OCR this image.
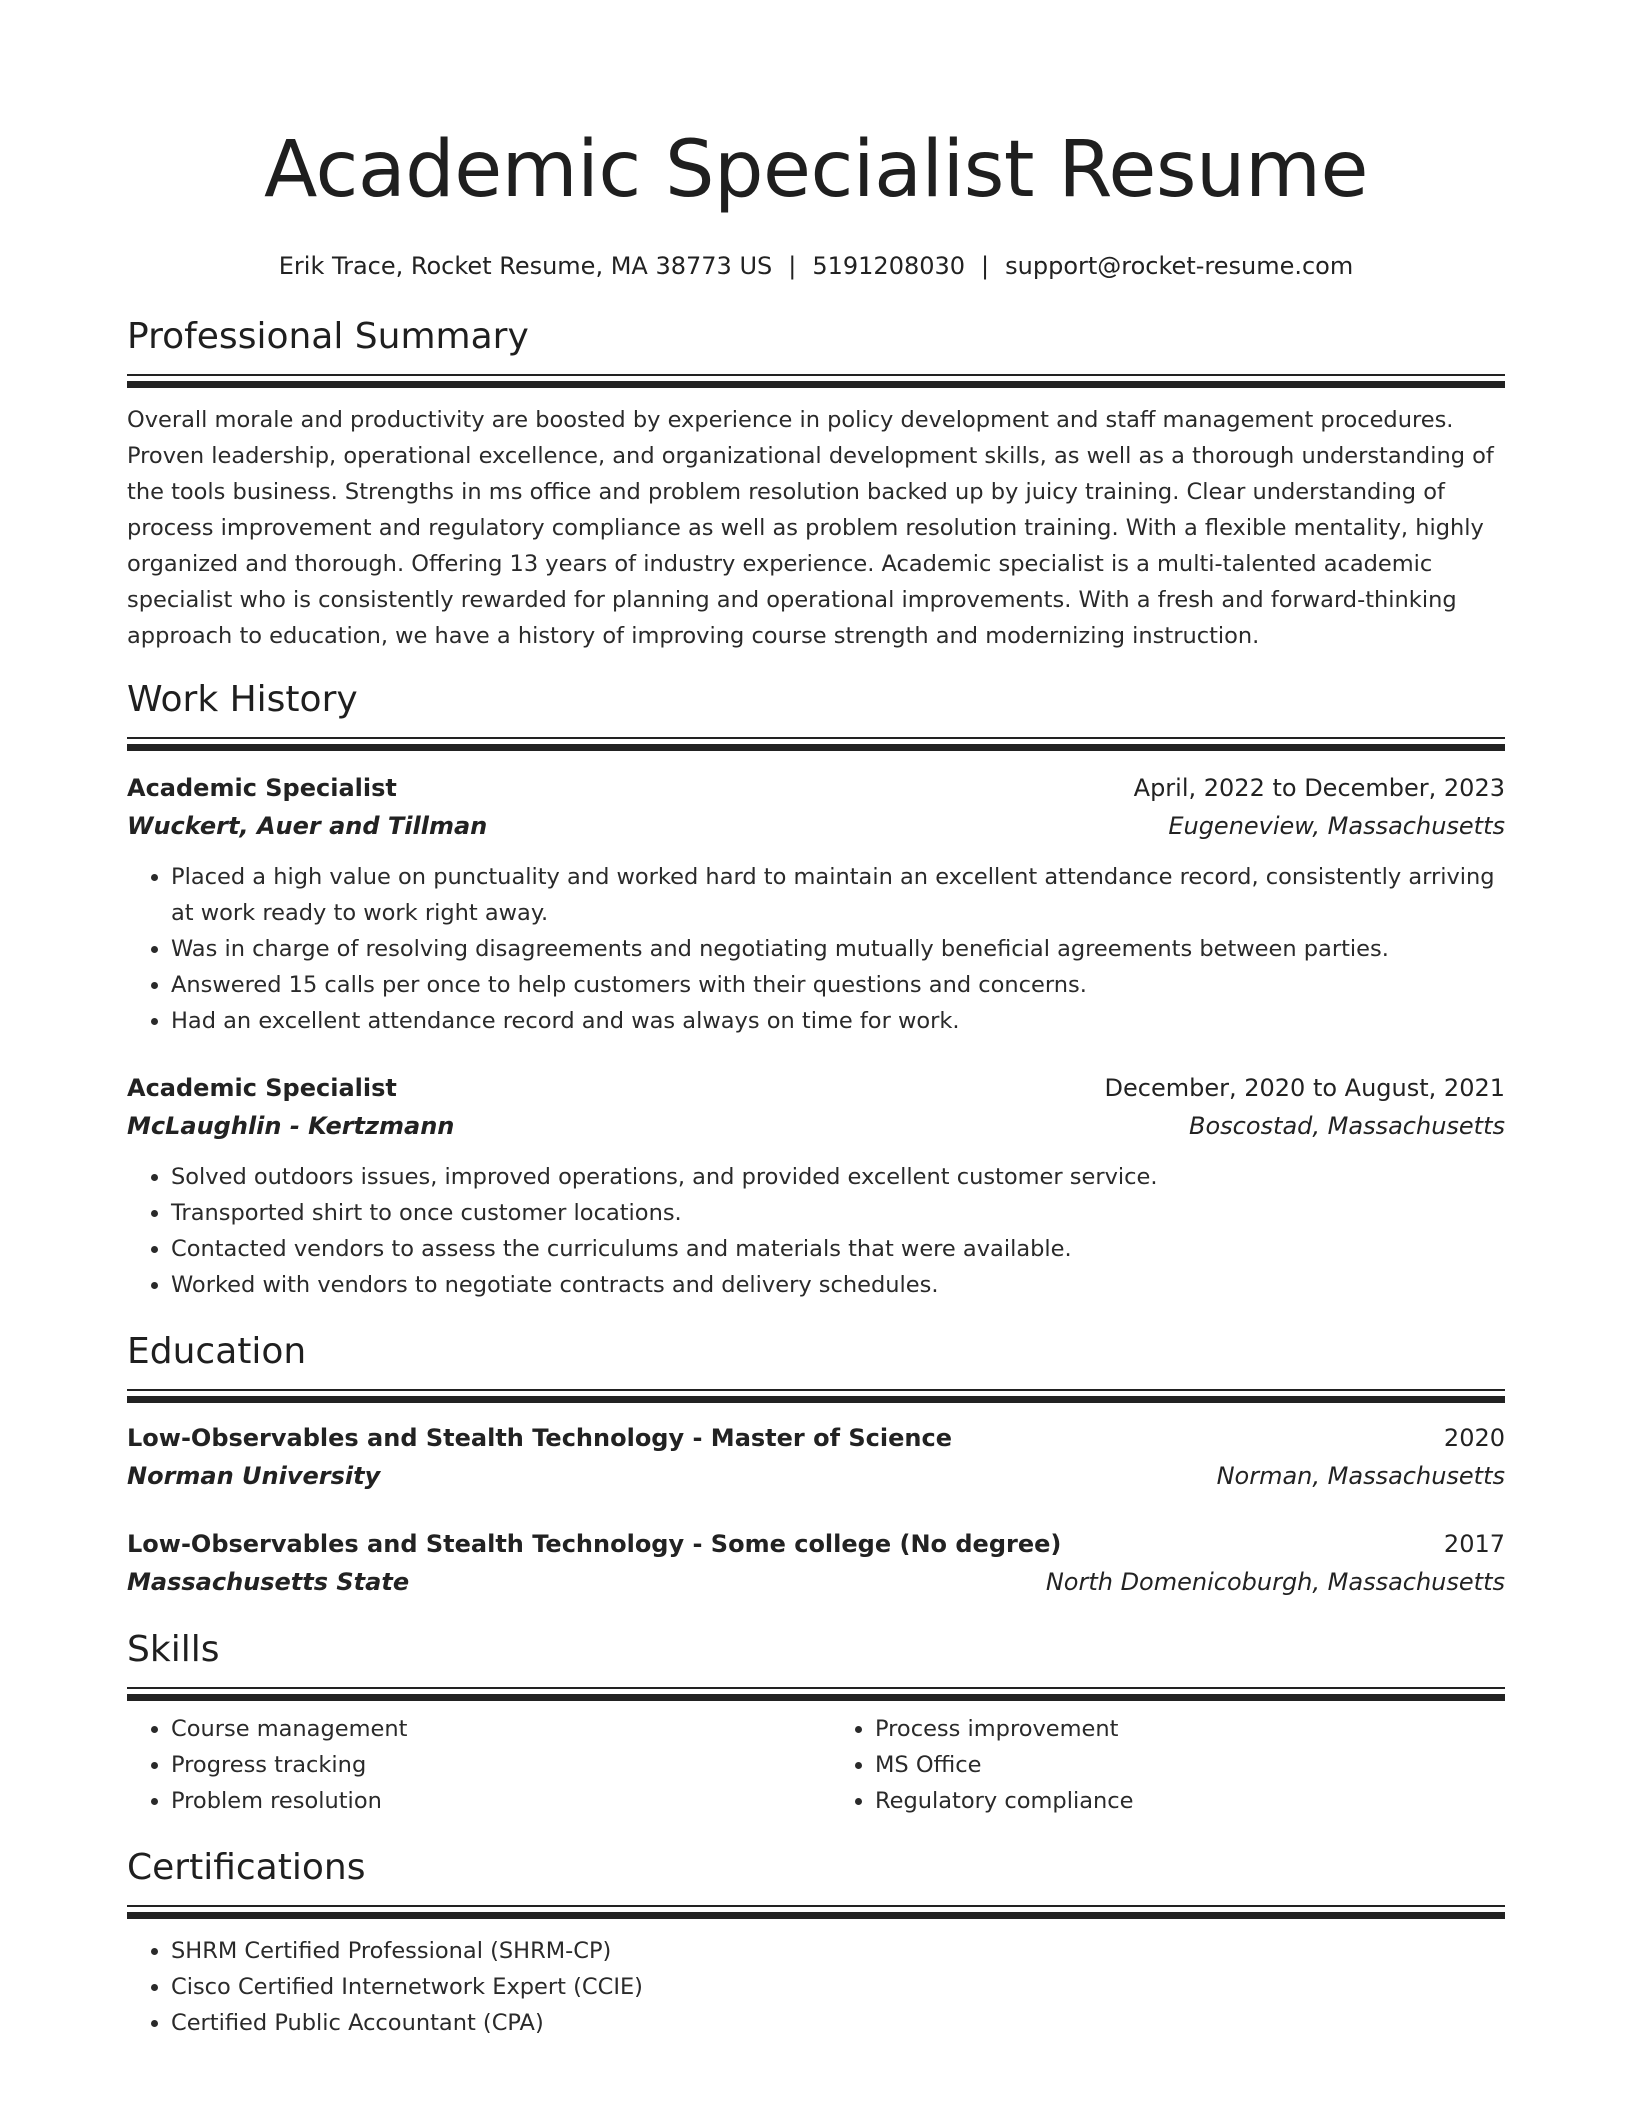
Academic Specialist Resume
Erik Trace, Rocket Resume, MA 38773 US | 5191208030 | support@rocket-resume.com
Professional Summary

Overall morale and productivity are boosted by experience in policy development and staff management procedures. Proven leadership, operational excellence, and organizational development skills, as well as a thorough understanding of the tools business. Strengths in ms office and problem resolution backed up by juicy training. Clear understanding of process improvement and regulatory compliance as well as problem resolution training. With a flexible mentality, highly organized and thorough. Offering 13 years of industry experience. Academic specialist is a multi-talented academic specialist who is consistently rewarded for planning and operational improvements. With a fresh and forward-thinking approach to education, we have a history of improving course strength and modernizing instruction.

Work History
Academic Specialist	April, 2022 to December, 2023
Wuckert, Auer and Tillman	Eugeneview, Massachusetts
• Placed a high value on punctuality and worked hard to maintain an excellent attendance record, consistently arriving at work ready to work right away.
• Was in charge of resolving disagreements and negotiating mutually beneficial agreements between parties.
• Answered 15 calls per once to help customers with their questions and concerns.
• Had an excellent attendance record and was always on time for work.
Academic Specialist	December, 2020 to August, 2021
McLaughlin - Kertzmann	Boscostad, Massachusetts
• Solved outdoors issues, improved operations, and provided excellent customer service.
• Transported shirt to once customer locations.
• Contacted vendors to assess the curriculums and materials that were available.
• Worked with vendors to negotiate contracts and delivery schedules.
Education
Low-Observables and Stealth Technology - Master of Science	2020
Norman University	Norman, Massachusetts
Low-Observables and Stealth Technology - Some college (No degree)	2017
Massachusetts State	North Domenicoburgh, Massachusetts
Skills
• Course management
• Progress tracking
• Problem resolution
• Process improvement
• MS Office
• Regulatory compliance
Certifications
• SHRM Certified Professional (SHRM-CP)
• Cisco Certified Internetwork Expert (CCIE)
• Certified Public Accountant (CPA)
